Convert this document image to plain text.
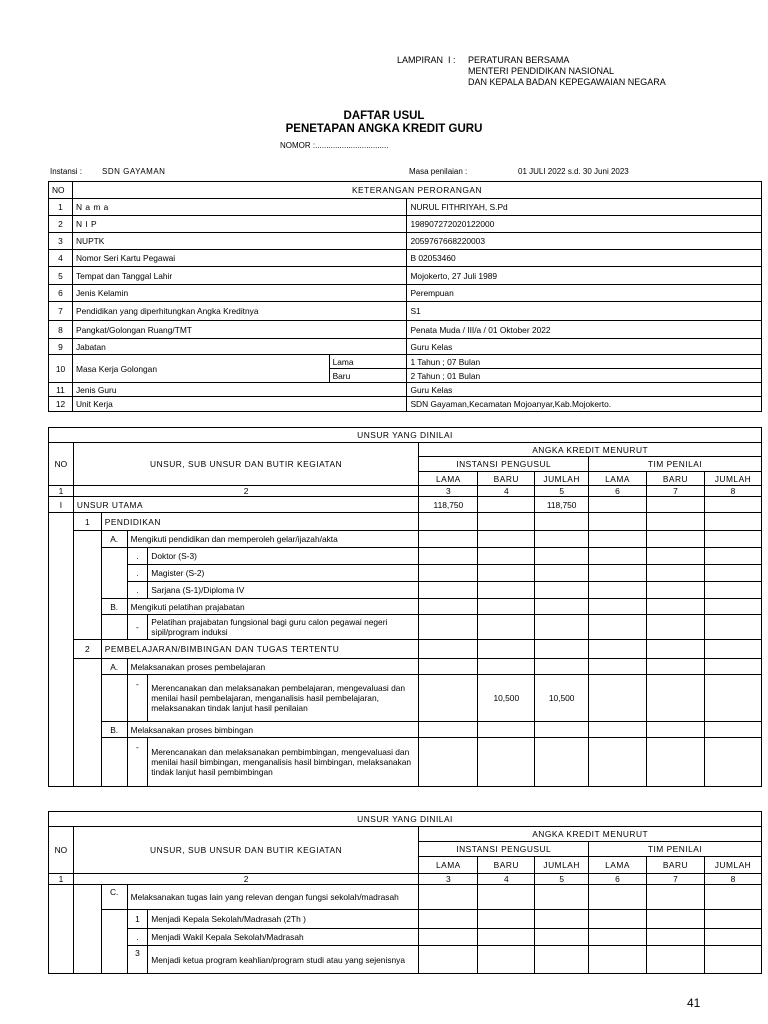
LAMPIRAN  I : PERATURAN BERSAMA
MENTERI PENDIDIKAN NASIONAL
DAN KEPALA BADAN KEPEGAWAIAN NEGARA
DAFTAR USUL
PENETAPAN ANGKA KREDIT GURU
NOMOR :.................................
Instansi : SDN GAYAMAN	Masa penilaian :	01 JULI 2022 s.d. 30 Juni 2023
NO	KETERANGAN PERORANGAN		
1	N a m a		NURUL FITHRIYAH, S.Pd
2	N I P		198907272020122000
3	NUPTK		2059767668220003
4	Nomor Seri Kartu Pegawai		B 02053460
5	Tempat dan Tanggal Lahir		Mojokerto, 27 Juli 1989
6	Jenis Kelamin		Perempuan
7	Pendidikan yang diperhitungkan Angka Kreditnya		S1
8	Pangkat/Golongan Ruang/TMT		Penata Muda / III/a / 01 Oktober 2022
9	Jabatan		Guru Kelas
10	Masa Kerja Golongan	Lama	1 Tahun ; 07 Bulan
		Baru	2 Tahun ; 01 Bulan
11	Jenis Guru		Guru Kelas
12	Unit Kerja		SDN Gayaman,Kecamatan Mojoanyar,Kab.Mojokerto.
UNSUR YANG DINILAI										
NO	UNSUR, SUB UNSUR DAN BUTIR KEGIATAN				ANGKA KREDIT MENURUT					
					INSTANSI PENGUSUL			TIM PENILAI		
					LAMA	BARU	JUMLAH	LAMA	BARU	JUMLAH
1	2				3	4	5	6	7	8
I	UNSUR UTAMA				118,750		118,750			
	1	PENDIDIKAN								
		A.	Mengikuti pendidikan dan memperoleh gelar/ijazah/akta							
			.	Doktor (S-3)						
			.	Magister (S-2)						
			.	Sarjana (S-1)/Diploma IV						
		B.	Mengikuti pelatihan prajabatan							
			-	Pelatihan prajabatan fungsional bagi guru calon pegawai negeri sipil/program induksi						
	2	PEMBELAJARAN/BIMBINGAN DAN TUGAS TERTENTU								
		A.	Melaksanakan proses pembelajaran							
			-	Merencanakan dan melaksanakan pembelajaran, mengevaluasi dan menilai hasil pembelajaran, menganalisis hasil pembelajaran, melaksanakan tindak lanjut hasil penilaian		10,500	10,500			
		B.	Melaksanakan proses bimbingan							
			-	Merencanakan dan melaksanakan pembimbingan, mengevaluasi dan menilai hasil bimbingan, menganalisis hasil bimbingan, melaksanakan tindak lanjut hasil pembimbingan						
UNSUR YANG DINILAI										
NO	UNSUR, SUB UNSUR DAN BUTIR KEGIATAN				ANGKA KREDIT MENURUT					
					INSTANSI PENGUSUL			TIM PENILAI		
					LAMA	BARU	JUMLAH	LAMA	BARU	JUMLAH
1	2				3	4	5	6	7	8
		C.	Melaksanakan tugas lain yang relevan dengan fungsi sekolah/madrasah							
			1	Menjadi Kepala Sekolah/Madrasah (2Th )						
			.	Menjadi Wakil Kepala Sekolah/Madrasah						
			3	Menjadi ketua program keahlian/program studi atau yang sejenisnya						
41
